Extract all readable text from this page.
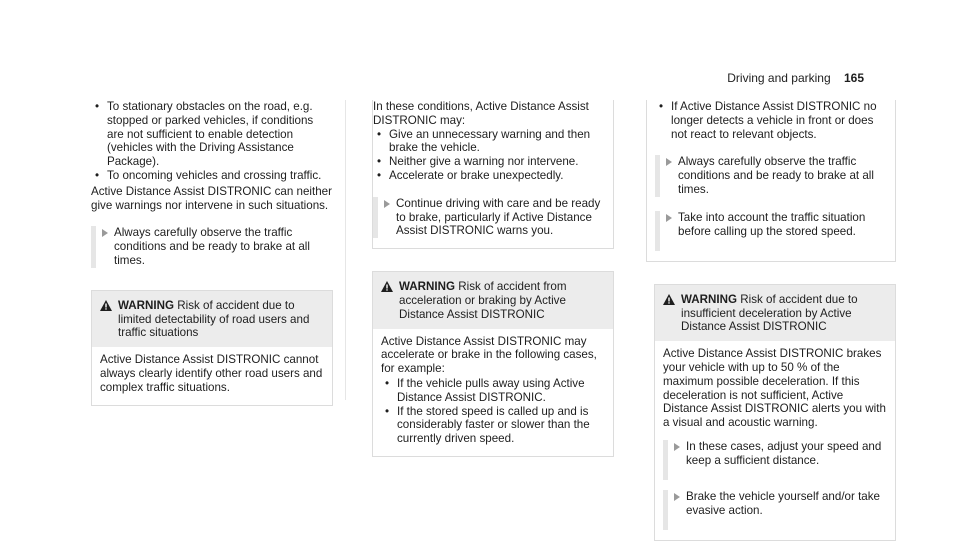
Driving and parking 165
• To stationary obstacles on the road, e.g. stopped or parked vehicles, if conditions are not sufficient to enable detection (vehicles with the Driving Assistance Package).
• To oncoming vehicles and crossing traffic.

Active Distance Assist DISTRONIC can neither give warnings nor intervene in such situations.

Always carefully observe the traffic conditions and be ready to brake at all times.
WARNING Risk of accident due to limited detectability of road users and traffic situations

Active Distance Assist DISTRONIC cannot always clearly identify other road users and complex traffic situations.

In these conditions, Active Distance Assist DISTRONIC may:

• Give an unnecessary warning and then brake the vehicle.
• Neither give a warning nor intervene.
• Accelerate or brake unexpectedly.
Continue driving with care and be ready to brake, particularly if Active Distance Assist DISTRONIC warns you.
WARNING Risk of accident from acceleration or braking by Active Distance Assist DISTRONIC

Active Distance Assist DISTRONIC may accelerate or brake in the following cases, for example:

• If the vehicle pulls away using Active Distance Assist DISTRONIC.
• If the stored speed is called up and is considerably faster or slower than the currently driven speed.
• If Active Distance Assist DISTRONIC no longer detects a vehicle in front or does not react to relevant objects.
Always carefully observe the traffic conditions and be ready to brake at all times.
Take into account the traffic situation before calling up the stored speed.
WARNING Risk of accident due to insufficient deceleration by Active Distance Assist DISTRONIC

Active Distance Assist DISTRONIC brakes your vehicle with up to 50 % of the maximum possible deceleration. If this deceleration is not sufficient, Active Distance Assist DISTRONIC alerts you with a visual and acoustic warning.

In these cases, adjust your speed and keep a sufficient distance.
Brake the vehicle yourself and/or take evasive action.
